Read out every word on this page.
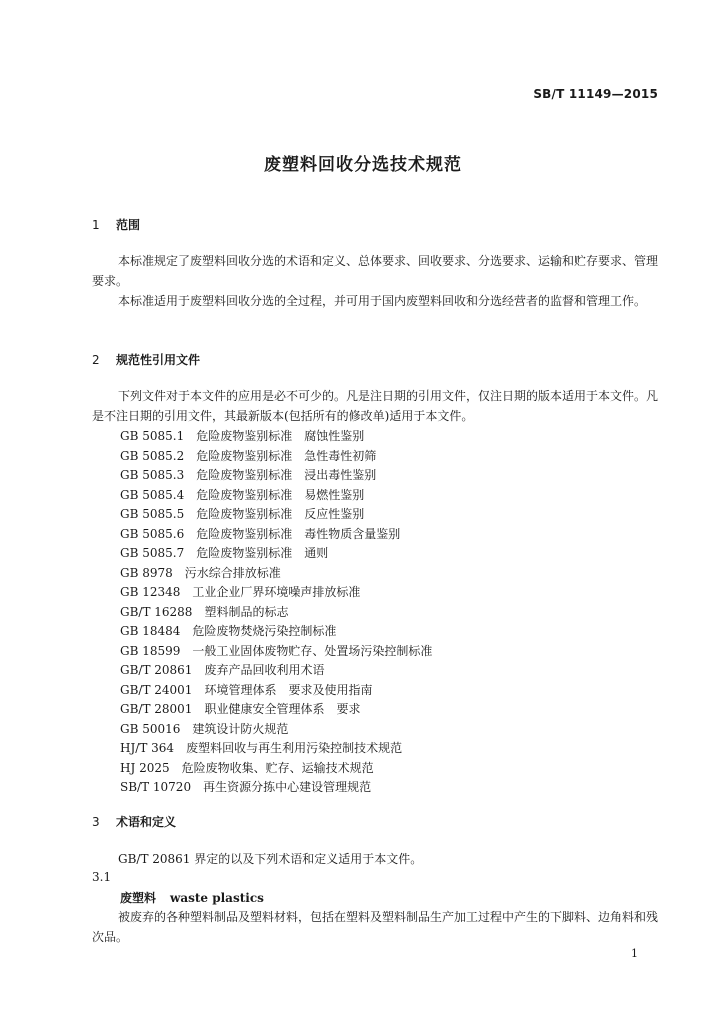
SB/T 11149—2015
废塑料回收分选技术规范
1 范围
本标准规定了废塑料回收分选的术语和定义、总体要求、回收要求、分选要求、运输和贮存要求、管理要求。
本标准适用于废塑料回收分选的全过程，并可用于国内废塑料回收和分选经营者的监督和管理工作。
2 规范性引用文件
下列文件对于本文件的应用是必不可少的。凡是注日期的引用文件，仅注日期的版本适用于本文件。凡是不注日期的引用文件，其最新版本(包括所有的修改单)适用于本文件。
GB 5085.1　 危险废物鉴别标准　腐蚀性鉴别
GB 5085.2　 危险废物鉴别标准　急性毒性初筛
GB 5085.3　 危险废物鉴别标准　浸出毒性鉴别
GB 5085.4　 危险废物鉴别标准　易燃性鉴别
GB 5085.5　 危险废物鉴别标准　反应性鉴别
GB 5085.6　 危险废物鉴别标准　毒性物质含量鉴别
GB 5085.7　 危险废物鉴别标准　通则
GB 8978　 污水综合排放标准
GB 12348　 工业企业厂界环境噪声排放标准
GB/T 16288　 塑料制品的标志
GB 18484　 危险废物焚烧污染控制标准
GB 18599　 一般工业固体废物贮存、处置场污染控制标准
GB/T 20861　 废弃产品回收利用术语
GB/T 24001　 环境管理体系　要求及使用指南
GB/T 28001　 职业健康安全管理体系　要求
GB 50016　 建筑设计防火规范
HJ/T 364　 废塑料回收与再生利用污染控制技术规范
HJ 2025　 危险废物收集、贮存、运输技术规范
SB/T 10720　 再生资源分拣中心建设管理规范
3 术语和定义
GB/T 20861 界定的以及下列术语和定义适用于本文件。
3.1
废塑料 waste plastics
被废弃的各种塑料制品及塑料材料，包括在塑料及塑料制品生产加工过程中产生的下脚料、边角料和残次品。
1
